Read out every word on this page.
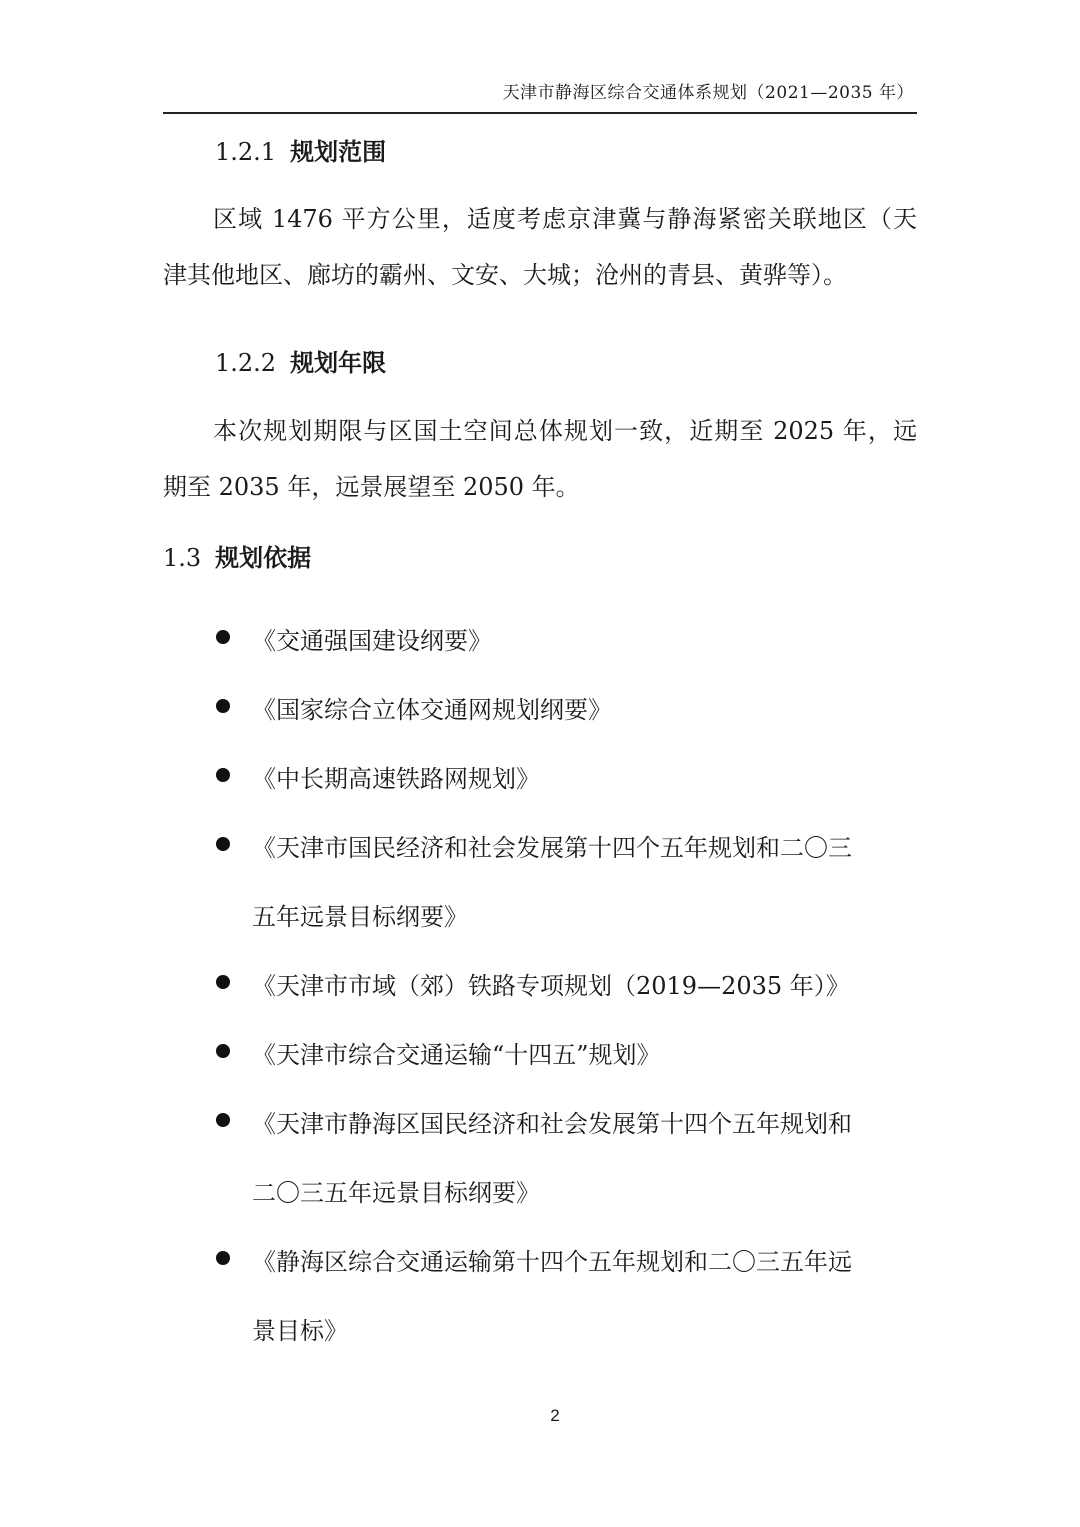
天津市静海区综合交通体系规划（2021—2035 年）
1.2.1 规划范围
区域 1476 平方公里，适度考虑京津冀与静海紧密关联地区（天
津其他地区、廊坊的霸州、文安、大城；沧州的青县、黄骅等）。
1.2.2 规划年限
本次规划期限与区国土空间总体规划一致，近期至 2025 年，远
期至 2035 年，远景展望至 2050 年。
1.3 规划依据
《交通强国建设纲要》
《国家综合立体交通网规划纲要》
《中长期高速铁路网规划》
《天津市国民经济和社会发展第十四个五年规划和二〇三
五年远景目标纲要》
《天津市市域（郊）铁路专项规划（2019—2035 年）》
《天津市综合交通运输“十四五”规划》
《天津市静海区国民经济和社会发展第十四个五年规划和
二〇三五年远景目标纲要》
《静海区综合交通运输第十四个五年规划和二〇三五年远
景目标》
2
